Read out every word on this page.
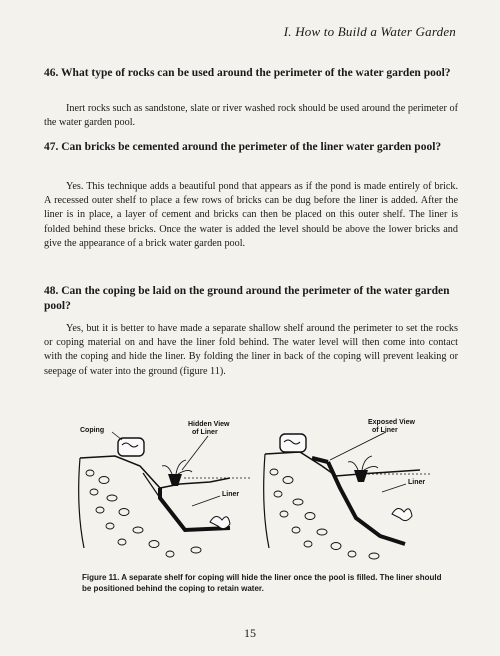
I. How to Build a Water Garden
46. What type of rocks can be used around the perimeter of the water garden pool?
Inert rocks such as sandstone, slate or river washed rock should be used around the perimeter of the water garden pool.
47. Can bricks be cemented around the perimeter of the liner water garden pool?
Yes. This technique adds a beautiful pond that appears as if the pond is made entirely of brick. A recessed outer shelf to place a few rows of bricks can be dug before the liner is added. After the liner is in place, a layer of cement and bricks can then be placed on this outer shelf. The liner is folded behind these bricks. Once the water is added the level should be above the lower bricks and give the appearance of a brick water garden pool.
48. Can the coping be laid on the ground around the perimeter of the water garden pool?
Yes, but it is better to have made a separate shallow shelf around the perimeter to set the rocks or coping material on and have the liner fold behind. The water level will then come into contact with the coping and hide the liner. By folding the liner in back of the coping will prevent leaking or seepage of water into the ground (figure 11).
Coping
Hidden View
of Liner
Liner
Exposed View
of Liner
Liner
Figure 11. A separate shelf for coping will hide the liner once the pool is filled. The liner should be positioned behind the coping to retain water.
15
